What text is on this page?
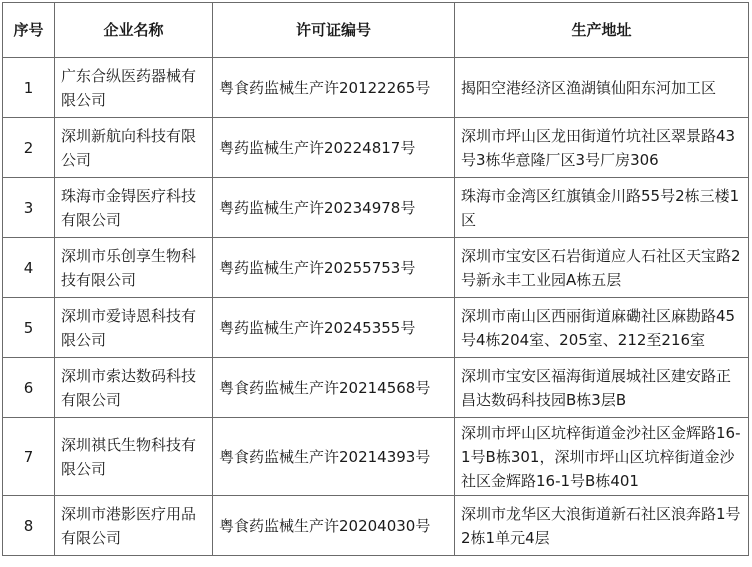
序号	企业名称	许可证编号	生产地址
1	广东合纵医药器械有限公司	粤食药监械生产许20122265号	揭阳空港经济区渔湖镇仙阳东河加工区
2	深圳新航向科技有限公司	粤药监械生产许20224817号	深圳市坪山区龙田街道竹坑社区翠景路43号3栋华意隆厂区3号厂房306
3	珠海市金锝医疗科技有限公司	粤药监械生产许20234978号	珠海市金湾区红旗镇金川路55号2栋三楼1区
4	深圳市乐创享生物科技有限公司	粤药监械生产许20255753号	深圳市宝安区石岩街道应人石社区天宝路2号新永丰工业园A栋五层
5	深圳市爱诗恩科技有限公司	粤药监械生产许20245355号	深圳市南山区西丽街道麻磡社区麻勘路45号4栋204室、205室、212至216室
6	深圳市索达数码科技有限公司	粤食药监械生产许20214568号	深圳市宝安区福海街道展城社区建安路正昌达数码科技园B栋3层B
7	深圳祺氏生物科技有限公司	粤食药监械生产许20214393号	深圳市坪山区坑梓街道金沙社区金辉路16-1号B栋301，深圳市坪山区坑梓街道金沙社区金辉路16-1号B栋401
8	深圳市港影医疗用品有限公司	粤食药监械生产许20204030号	深圳市龙华区大浪街道新石社区浪奔路1号2栋1单元4层
